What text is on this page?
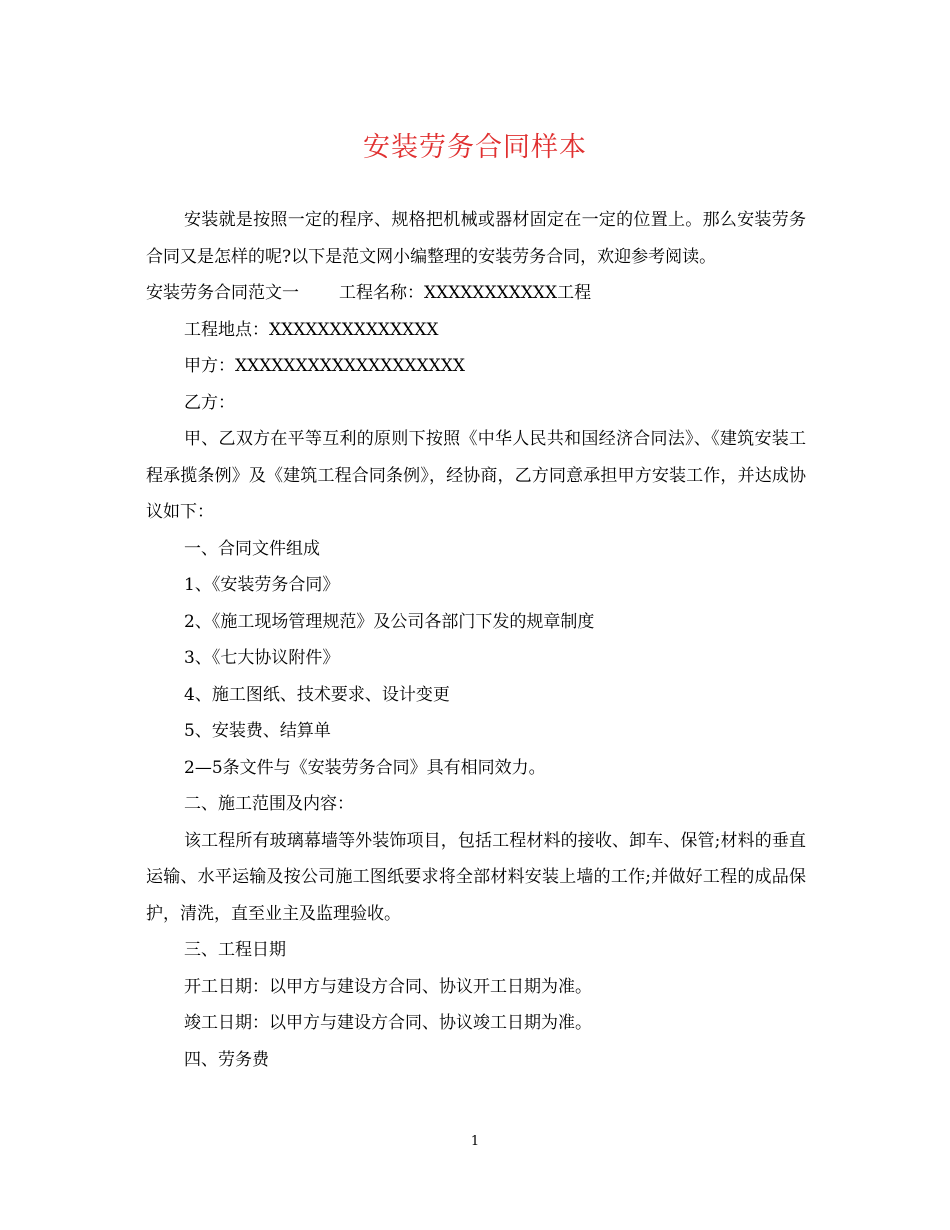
安装劳务合同样本

安装就是按照一定的程序、规格把机械或器材固定在一定的位置上。那么安装劳务合同又是怎样的呢?以下是范文网小编整理的安装劳务合同，欢迎参考阅读。

安装劳务合同范文一 工程名称：XXXXXXXXXXX工程

工程地点：XXXXXXXXXXXXXX

甲方：XXXXXXXXXXXXXXXXXXX

乙方：

甲、乙双方在平等互利的原则下按照《中华人民共和国经济合同法》、《建筑安装工程承揽条例》及《建筑工程合同条例》，经协商，乙方同意承担甲方安装工作，并达成协议如下：

一、合同文件组成

1、《安装劳务合同》

2、《施工现场管理规范》及公司各部门下发的规章制度

3、《七大协议附件》

4、施工图纸、技术要求、设计变更

5、安装费、结算单

2—5条文件与《安装劳务合同》具有相同效力。

二、施工范围及内容：

该工程所有玻璃幕墙等外装饰项目，包括工程材料的接收、卸车、保管;材料的垂直运输、水平运输及按公司施工图纸要求将全部材料安装上墙的工作;并做好工程的成品保护，清洗，直至业主及监理验收。

三、工程日期

开工日期：以甲方与建设方合同、协议开工日期为准。

竣工日期：以甲方与建设方合同、协议竣工日期为准。

四、劳务费

1
